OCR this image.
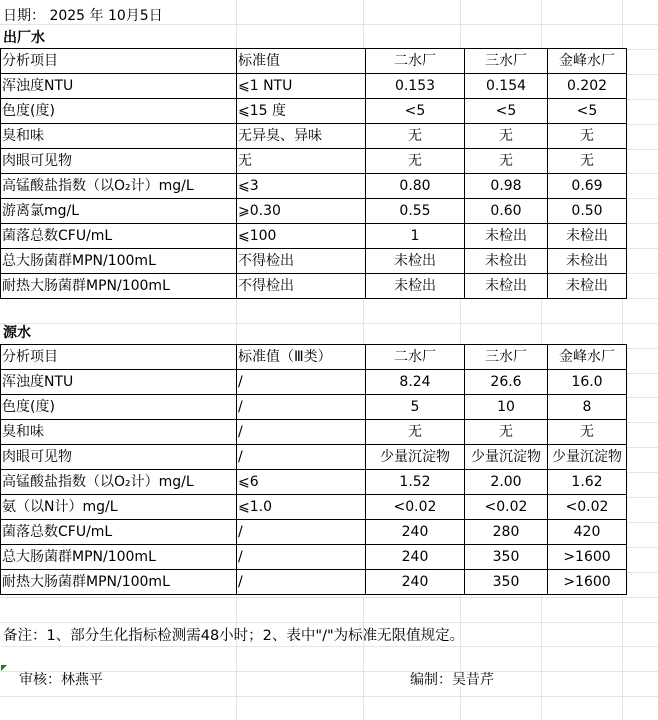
日期： 2025 年 10月5日
出厂水
分析项目	标准值	二水厂	三水厂	金峰水厂
浑浊度NTU	⩽1 NTU	0.153	0.154	0.202
色度(度)	⩽15 度	<5	<5	<5
臭和味	无异臭、异味	无	无	无
肉眼可见物	无	无	无	无
高锰酸盐指数（以O₂计）mg/L	⩽3	0.80	0.98	0.69
游离氯mg/L	⩾0.30	0.55	0.60	0.50
菌落总数CFU/mL	⩽100	1	未检出	未检出
总大肠菌群MPN/100mL	不得检出	未检出	未检出	未检出
耐热大肠菌群MPN/100mL	不得检出	未检出	未检出	未检出
源水
分析项目	标准值（Ⅲ类）	二水厂	三水厂	金峰水厂
浑浊度NTU	/	8.24	26.6	16.0
色度(度)	/	5	10	8
臭和味	/	无	无	无
肉眼可见物	/	少量沉淀物	少量沉淀物	少量沉淀物
高锰酸盐指数（以O₂计）mg/L	⩽6	1.52	2.00	1.62
氨（以N计）mg/L	⩽1.0	<0.02	<0.02	<0.02
菌落总数CFU/mL	/	240	280	420
总大肠菌群MPN/100mL	/	240	350	>1600
耐热大肠菌群MPN/100mL	/	240	350	>1600
备注：1、部分生化指标检测需48小时；2、表中"/"为标准无限值规定。
审核：林燕平	编制：吴昔芹
